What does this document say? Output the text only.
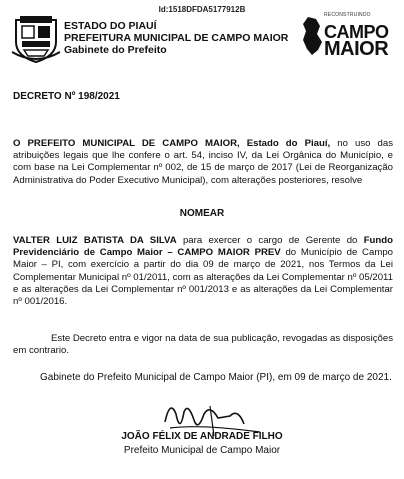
Id:1518DFDA5177912B
ESTADO DO PIAUÍ
PREFEITURA MUNICIPAL DE CAMPO MAIOR
Gabinete do Prefeito
RECONSTRUINDO
CAMPO
MAIOR
DECRETO Nº 198/2021
O PREFEITO MUNICIPAL DE CAMPO MAIOR, Estado do Piauí, no uso das atribuições legais que lhe confere o art. 54, inciso IV, da Lei Orgânica do Município, e com base na Lei Complementar nº 002, de 15 de março de 2017 (Lei de Reorganização Administrativa do Poder Executivo Municipal), com alterações posteriores, resolve
NOMEAR
VALTER LUIZ BATISTA DA SILVA para exercer o cargo de Gerente do Fundo Previdenciário de Campo Maior – CAMPO MAIOR PREV do Município de Campo Maior – PI, com exercício a partir do dia 09 de março de 2021, nos Termos da Lei Complementar Municipal nº 01/2011, com as alterações da Lei Complementar nº 05/2011 e as alterações da Lei Complementar nº 001/2013 e as alterações da Lei Complementar nº 001/2016.
Este Decreto entra e vigor na data de sua publicação, revogadas as disposições em contrario.
Gabinete do Prefeito Municipal de Campo Maior (PI), em 09 de março de 2021.
JOÃO FÉLIX DE ANDRADE FILHO
Prefeito Municipal de Campo Maior
